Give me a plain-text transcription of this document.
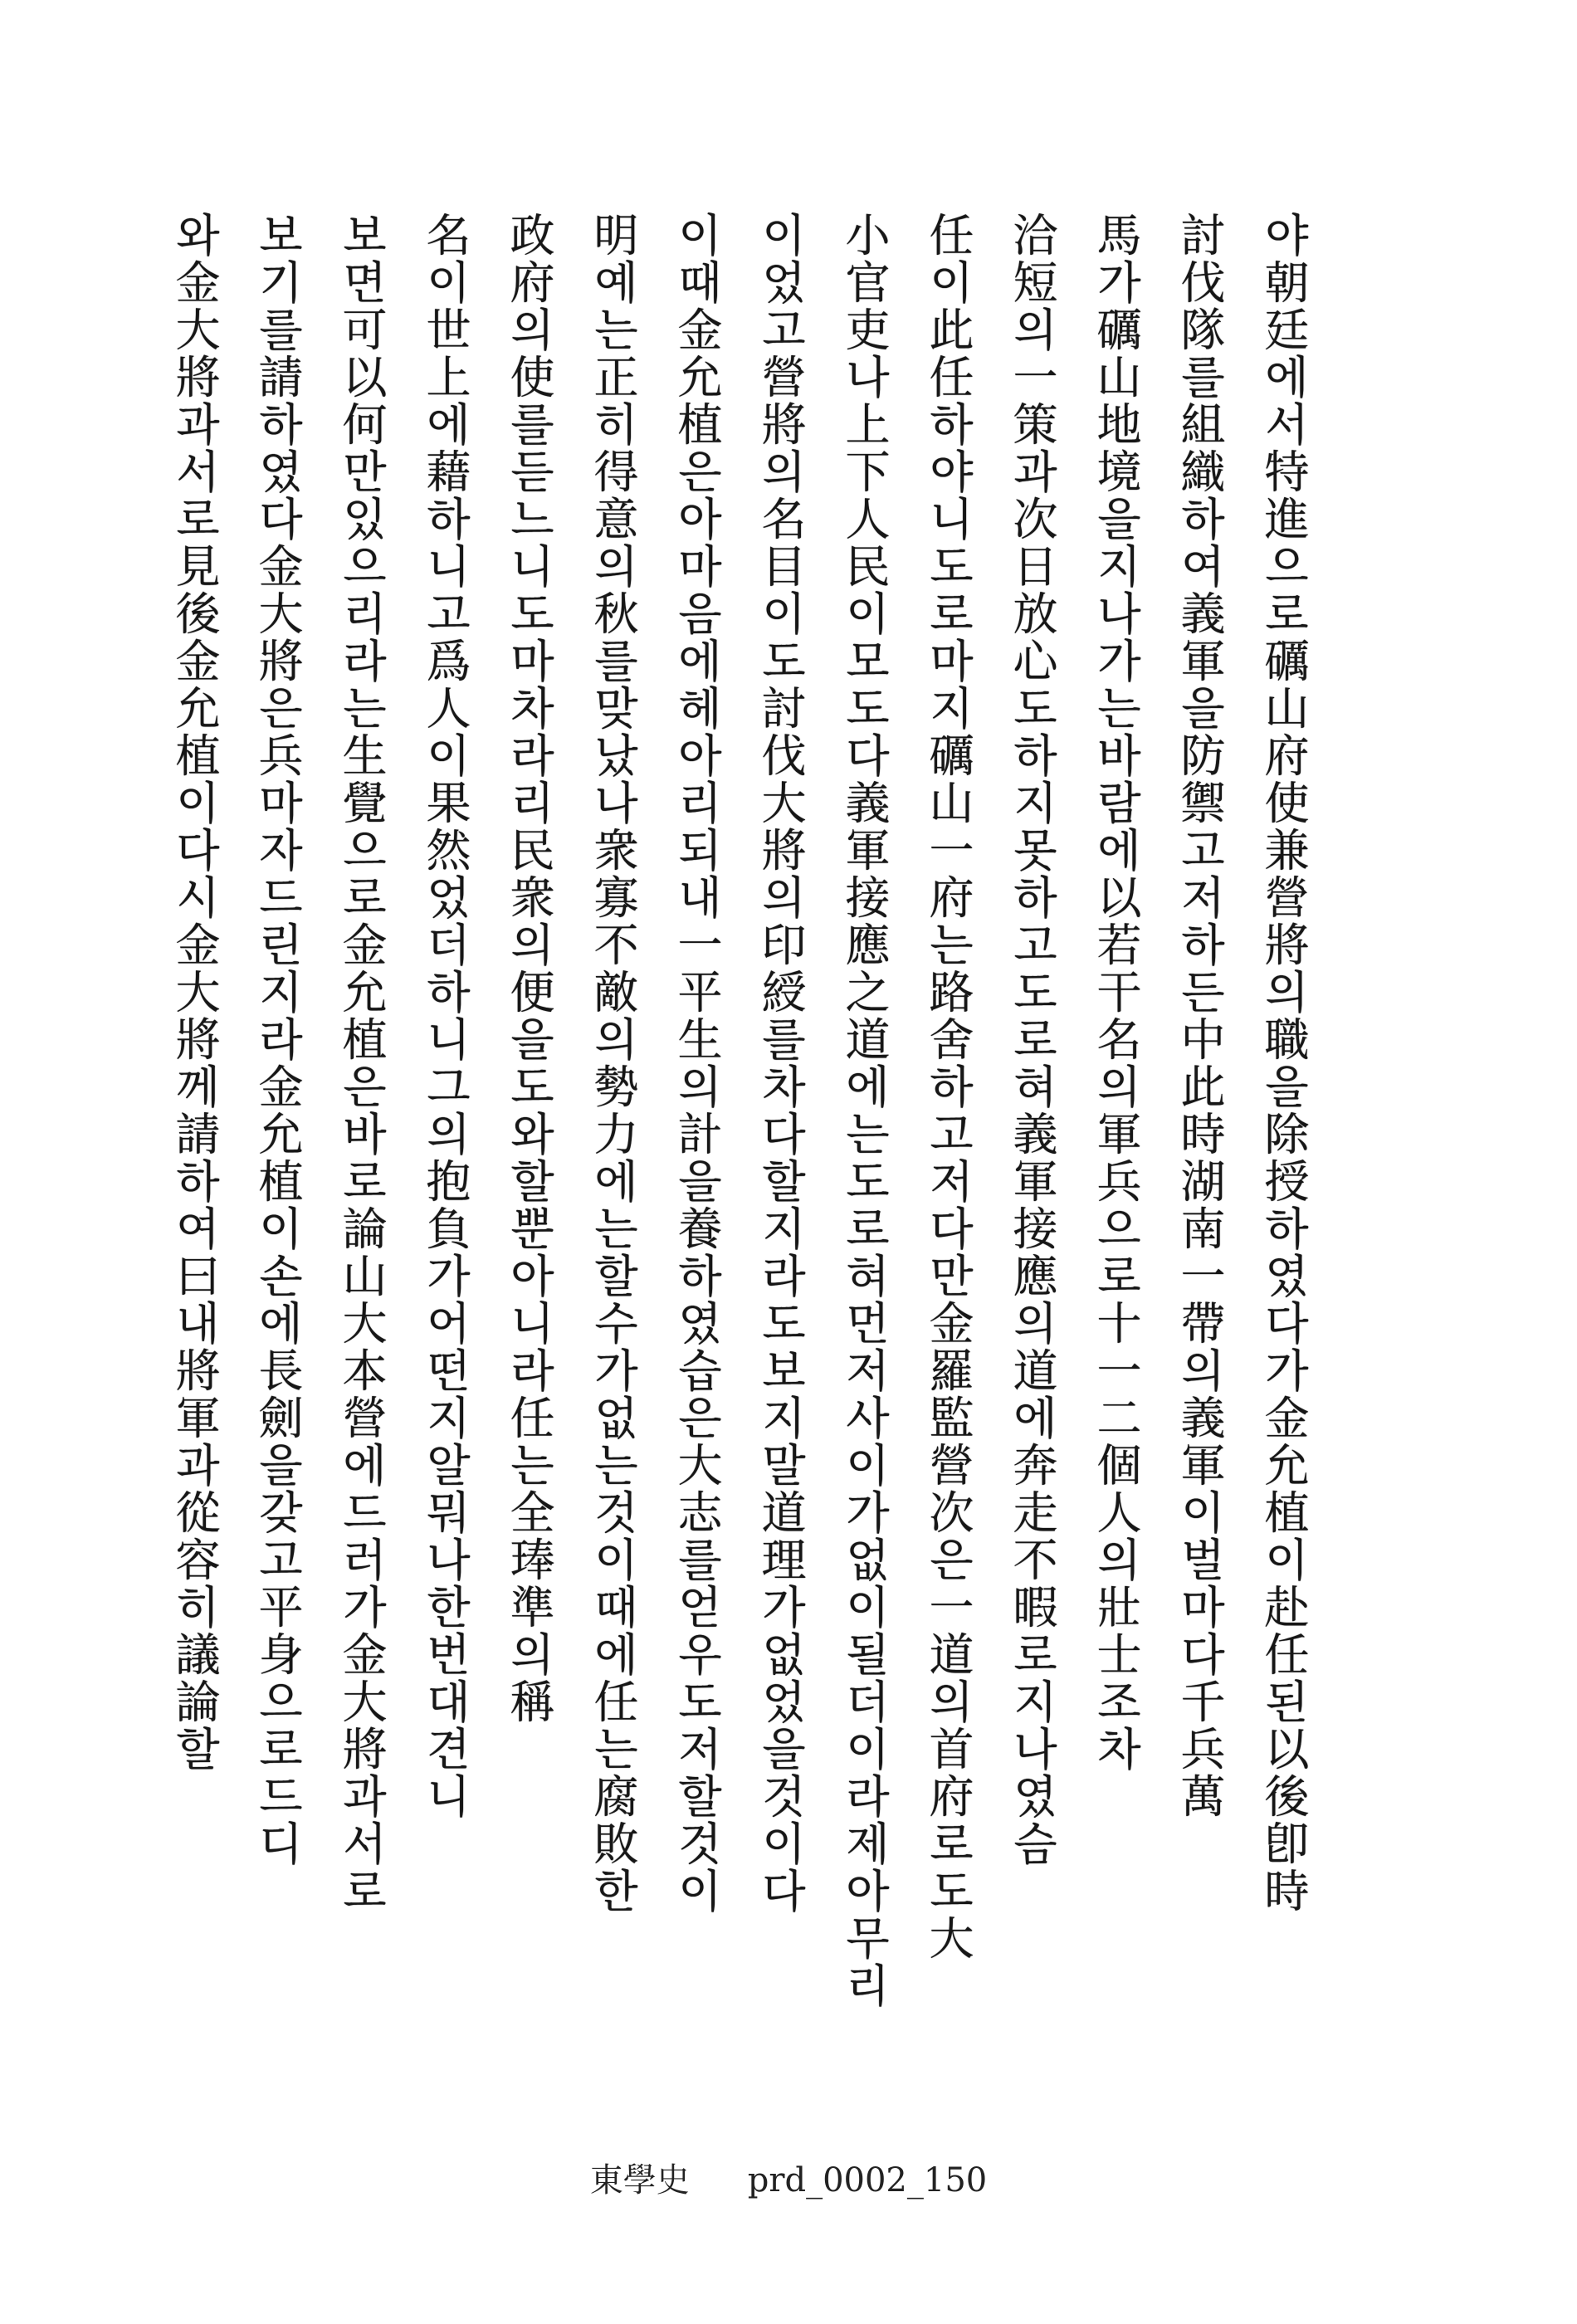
야朝廷에서特進으로礪山府使兼營將의職을除授하였다가金允植이赴任된以後卽時
討伐隊를組織하여義軍을防禦고저하든中此時湖南一帶의義軍이벌마다千兵萬
馬가礪山地境을지나가는바람에以若干名의軍兵으로十一二個人의壯士조차
洽短의一策과次日放心도하지못하고도로혀義軍接應의道에奔走不暇로지나였슴
任이此任하야니도로마지礪山一府는路舍하고저다만金羅監營次은一道의首府로도大
小官吏나上下人民이모도다義軍接應之道에는도로혀먼저사이가없이될더이라제아무리
이었고營將의名目이도討伐大將의印綬를차다할지라도보지말道理가없었을것이다
이때金允植은아마음에헤아리되내一平生의計을養하였습은大志를얻우도저할것이
明예는正히得意의秋를맞났나衆寡不敵의勢力에는할수가없는것이때에任는腐敗한
政府의使를듣느니도마차라리民衆의便을도와할뿐아니라任는全琫準의稱
名이世上에藉하니고爲人이果然었더하니그의抱負가어떤지알뭐나한번대견니
보면可以何만있으리라는生覺으로金允植은바로論山大本營에드러가金大將과서로
보기를請하였다金大將은兵마자드린지라金允植이손에長劍을갖고平身으로드디
와金大將과서로見後金允植이다시金大將께請하여曰내將軍과從容히議論할
東學史 prd_0002_150
